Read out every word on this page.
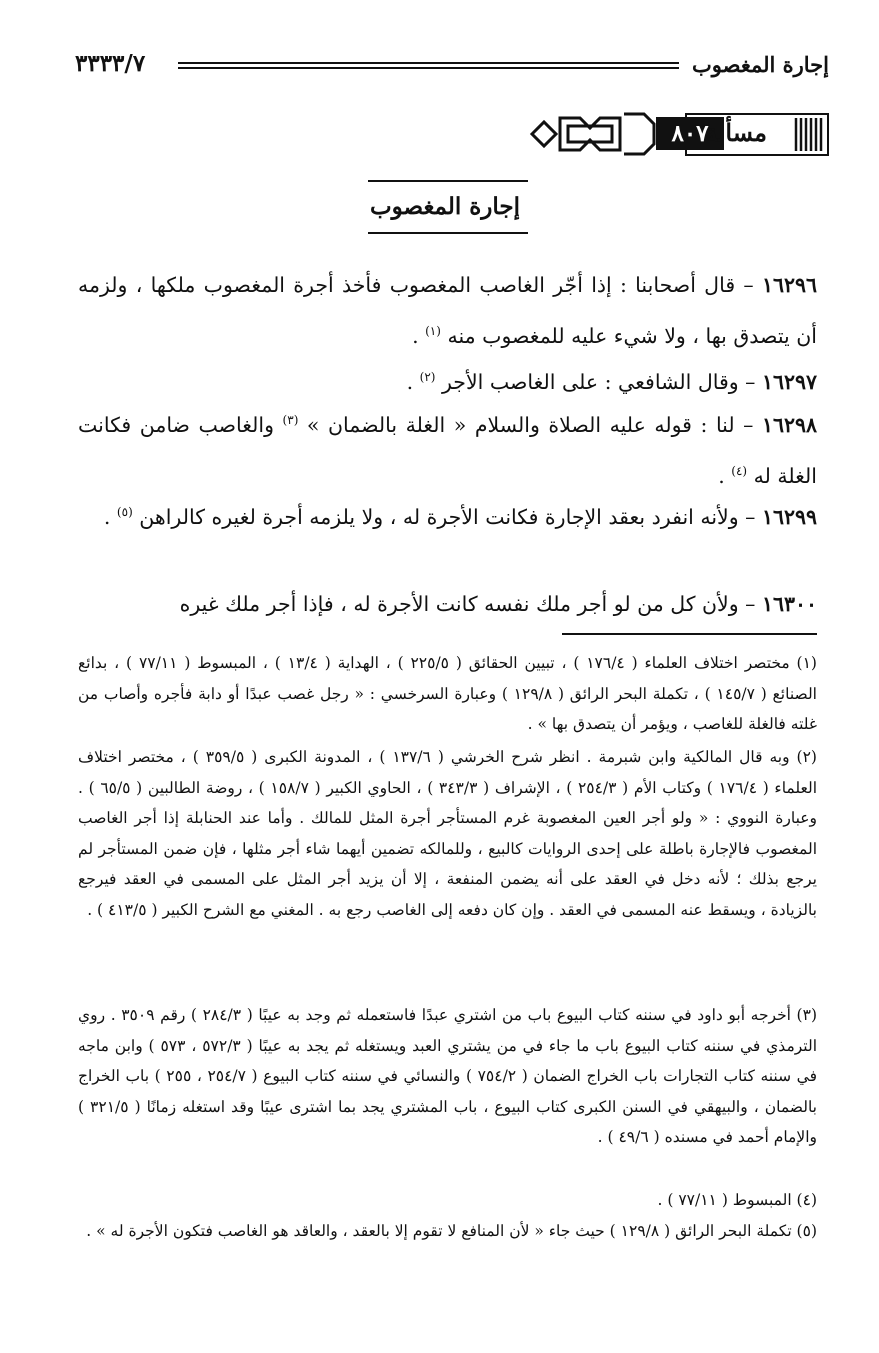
إجارة المغصوب
٣٣٣٣/٧
٨٠٧
مسألة
إجارة المغصوب
١٦٢٩٦ – قال أصحابنا : إذا أجّر الغاصب المغصوب فأخذ أجرة المغصوب ملكها ، ولزمه أن يتصدق بها ، ولا شيء عليه للمغصوب منه $^{(١)}$ .
١٦٢٩٧ – وقال الشافعي : على الغاصب الأجر $^{(٢)}$ .
١٦٢٩٨ – لنا : قوله عليه الصلاة والسلام « الغلة بالضمان » $^{(٣)}$ والغاصب ضامن فكانت الغلة له $^{(٤)}$ .
١٦٢٩٩ – ولأنه انفرد بعقد الإجارة فكانت الأجرة له ، ولا يلزمه أجرة لغيره كالراهن $^{(٥)}$ .
١٦٣٠٠ – ولأن كل من لو أجر ملك نفسه كانت الأجرة له ، فإذا أجر ملك غيره
(١) مختصر اختلاف العلماء ( ١٧٦/٤ ) ، تبيين الحقائق ( ٢٢٥/٥ ) ، الهداية ( ١٣/٤ ) ، المبسوط ( ٧٧/١١ ) ، بدائع الصنائع ( ١٤٥/٧ ) ، تكملة البحر الرائق ( ١٢٩/٨ ) وعبارة السرخسي : « رجل غصب عبدًا أو دابة فأجره وأصاب من غلته فالغلة للغاصب ، ويؤمر أن يتصدق بها » .
(٢) وبه قال المالكية وابن شبرمة . انظر شرح الخرشي ( ١٣٧/٦ ) ، المدونة الكبرى ( ٣٥٩/٥ ) ، مختصر اختلاف العلماء ( ١٧٦/٤ ) وكتاب الأم ( ٢٥٤/٣ ) ، الإشراف ( ٣٤٣/٣ ) ، الحاوي الكبير ( ١٥٨/٧ ) ، روضة الطالبين ( ٦٥/٥ ) . وعبارة النووي : « ولو أجر العين المغصوبة غرم المستأجر أجرة المثل للمالك . وأما عند الحنابلة إذا أجر الغاصب المغصوب فالإجارة باطلة على إحدى الروايات كالبيع ، وللمالكه تضمين أيهما شاء أجر مثلها ، فإن ضمن المستأجر لم يرجع بذلك ؛ لأنه دخل في العقد على أنه يضمن المنفعة ، إلا أن يزيد أجر المثل على المسمى في العقد فيرجع بالزيادة ، ويسقط عنه المسمى في العقد . وإن كان دفعه إلى الغاصب رجع به . المغني مع الشرح الكبير ( ٤١٣/٥ ) .
(٣) أخرجه أبو داود في سننه كتاب البيوع باب من اشتري عبدًا فاستعمله ثم وجد به عيبًا ( ٢٨٤/٣ ) رقم ٣٥٠٩ . روي الترمذي في سننه كتاب البيوع باب ما جاء في من يشتري العبد ويستغله ثم يجد به عيبًا ( ٥٧٢/٣ ، ٥٧٣ ) وابن ماجه في سننه كتاب التجارات باب الخراج الضمان ( ٧٥٤/٢ ) والنسائي في سننه كتاب البيوع ( ٢٥٤/٧ ، ٢٥٥ ) باب الخراج بالضمان ، والبيهقي في السنن الكبرى كتاب البيوع ، باب المشتري يجد بما اشترى عيبًا وقد استغله زمانًا ( ٣٢١/٥ ) والإمام أحمد في مسنده ( ٤٩/٦ ) .
(٤) المبسوط ( ٧٧/١١ ) .
(٥) تكملة البحر الرائق ( ١٢٩/٨ ) حيث جاء « لأن المنافع لا تقوم إلا بالعقد ، والعاقد هو الغاصب فتكون الأجرة له » .
